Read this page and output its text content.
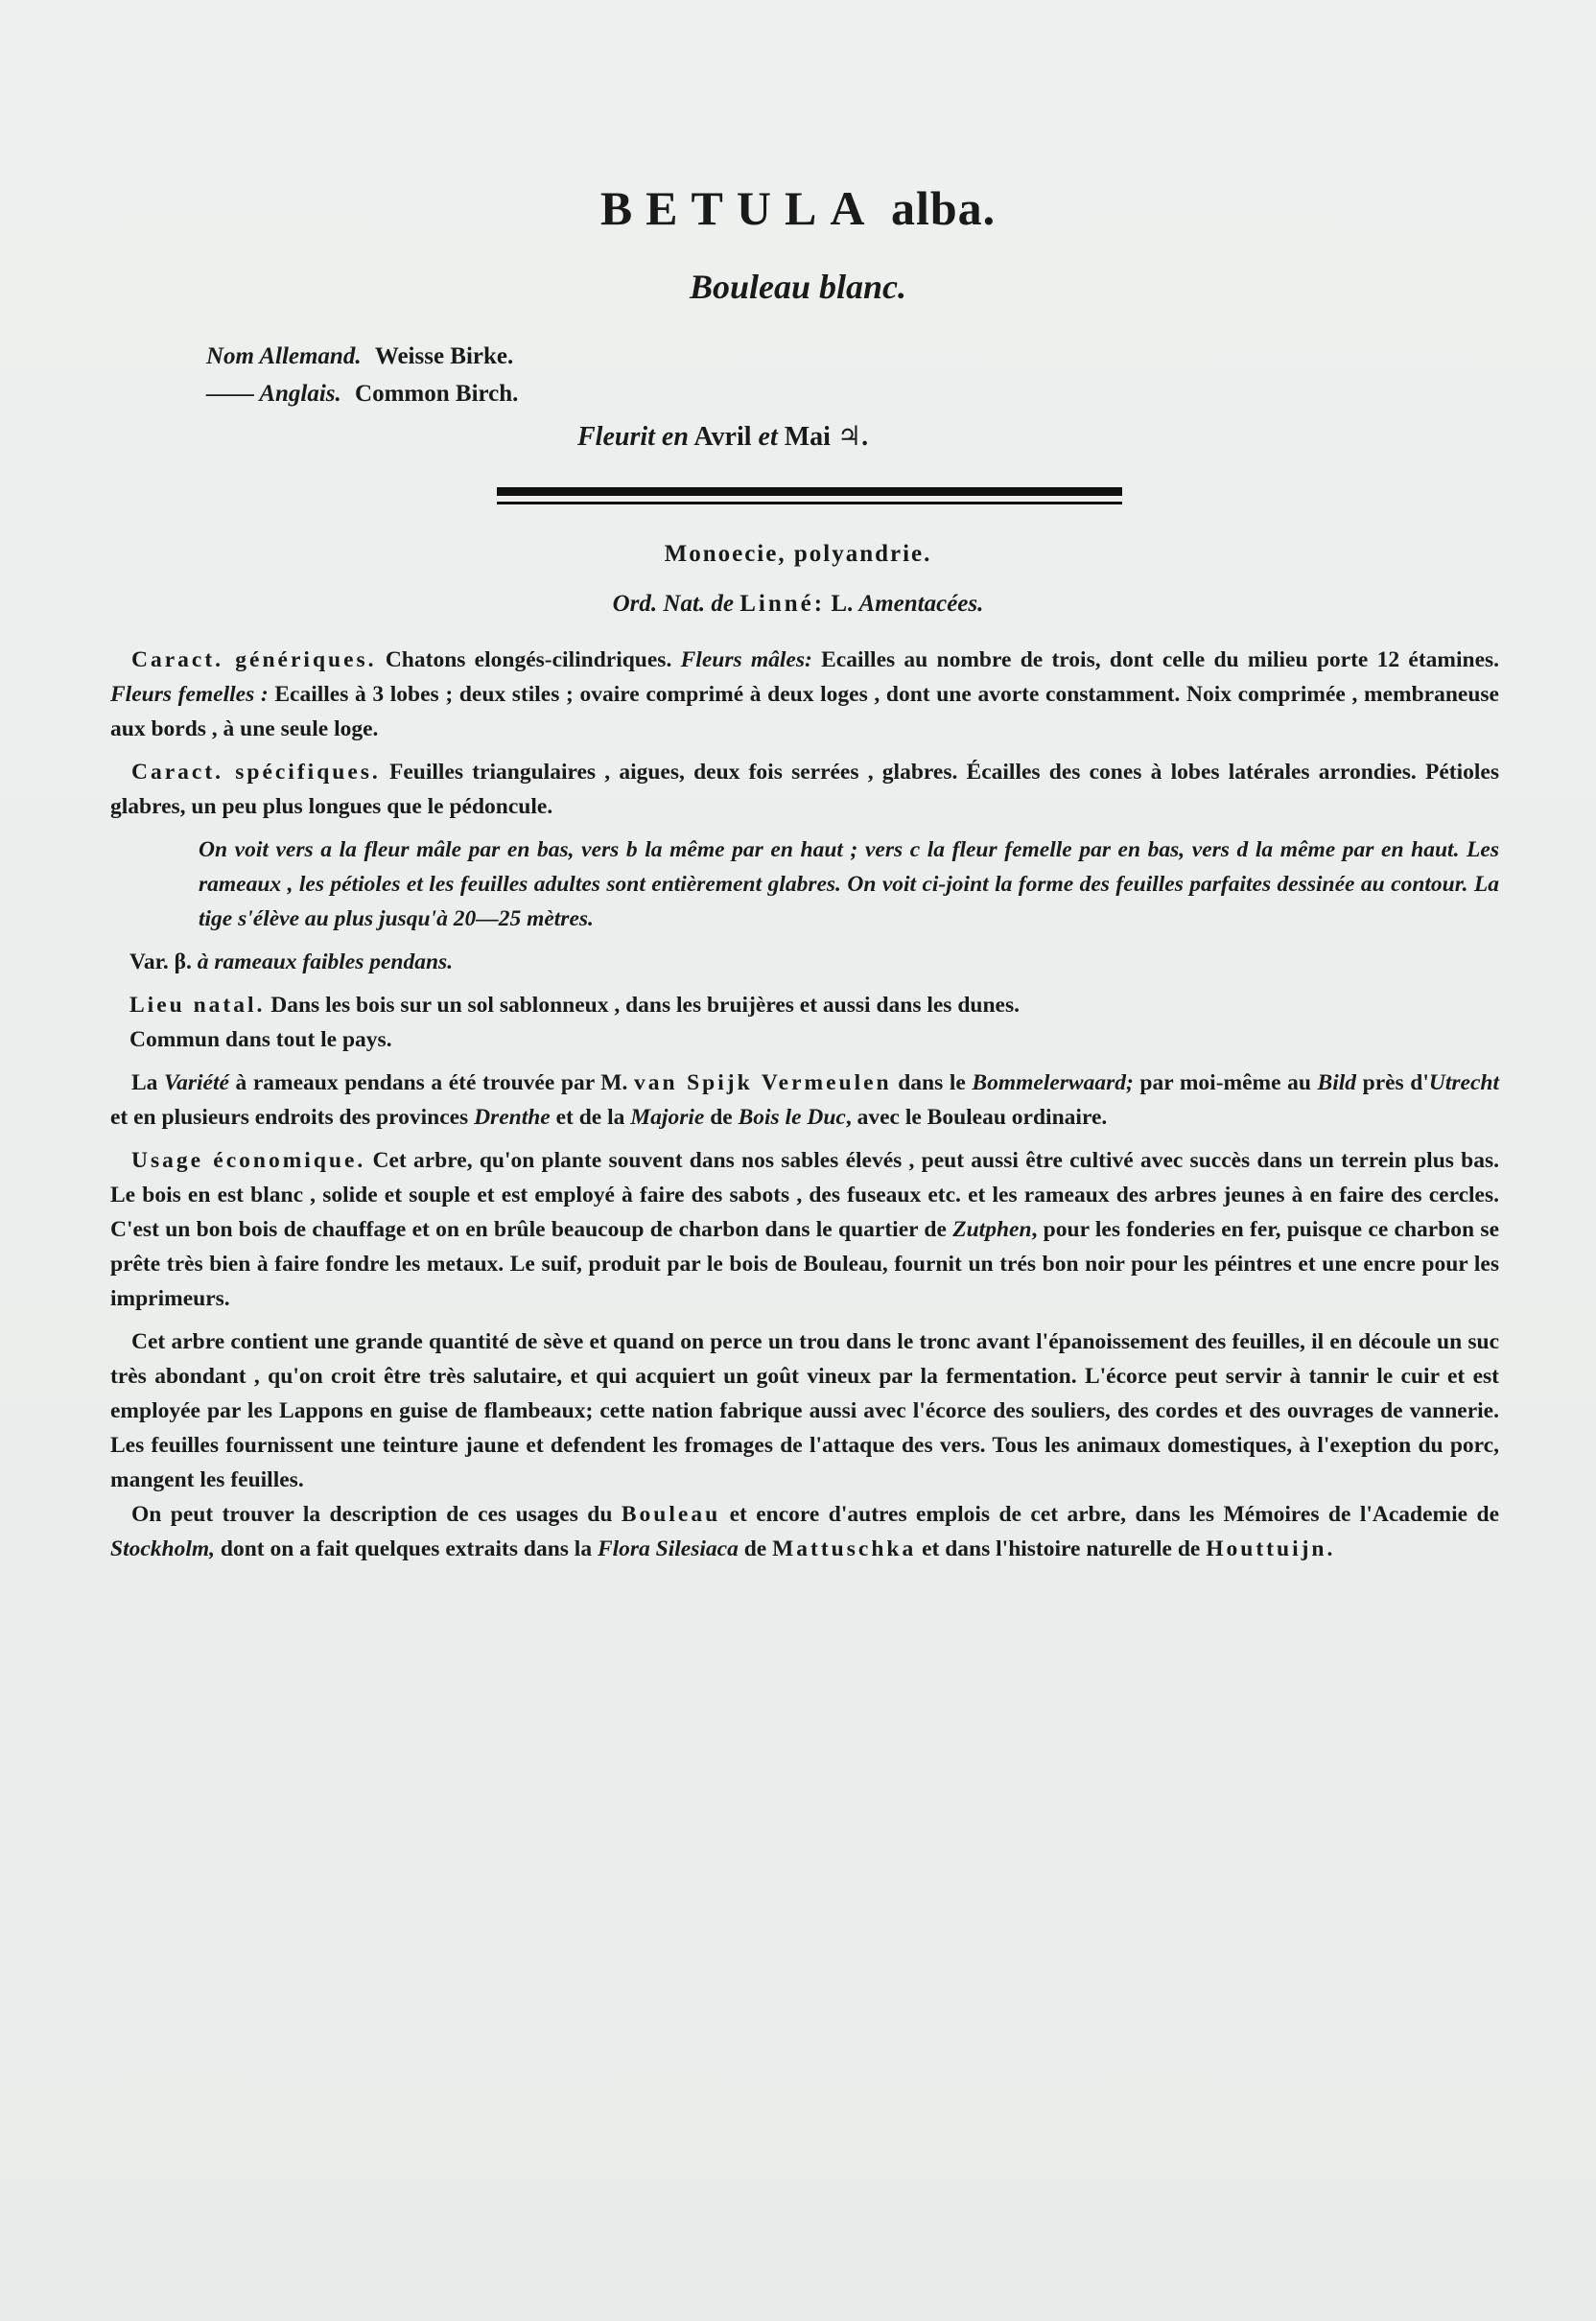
BETULA alba.
Bouleau blanc.
Nom Allemand. Weisse Birke.
—— Anglais. Common Birch.
Fleurit en Avril et Mai ♃.
Monoecie, polyandrie.
Ord. Nat. de Linné: L. Amentacées.

Caract. génériques. Chatons elongés-cilindriques. Fleurs mâles: Ecailles au nombre de trois, dont celle du milieu porte 12 étamines. Fleurs femelles : Ecailles à 3 lobes ; deux stiles ; ovaire comprimé à deux loges , dont une avorte constamment. Noix comprimée , membraneuse aux bords , à une seule loge.

Caract. spécifiques. Feuilles triangulaires , aigues, deux fois serrées , glabres. Écailles des cones à lobes latérales arrondies. Pétioles glabres, un peu plus longues que le pédoncule.

On voit vers a la fleur mâle par en bas, vers b la même par en haut ; vers c la fleur femelle par en bas, vers d la même par en haut. Les rameaux , les pétioles et les feuilles adultes sont entièrement glabres. On voit ci-joint la forme des feuilles parfaites dessinée au contour. La tige s'élève au plus jusqu'à 20—25 mètres.

Var. β. à rameaux faibles pendans.

Lieu natal. Dans les bois sur un sol sablonneux , dans les bruijères et aussi dans les dunes.

Commun dans tout le pays.

La Variété à rameaux pendans a été trouvée par M. van Spijk Vermeulen dans le Bommelerwaard; par moi-même au Bild près d'Utrecht et en plusieurs endroits des provinces Drenthe et de la Majorie de Bois le Duc, avec le Bouleau ordinaire.

Usage économique. Cet arbre, qu'on plante souvent dans nos sables élevés , peut aussi être cultivé avec succès dans un terrein plus bas. Le bois en est blanc , solide et souple et est employé à faire des sabots , des fuseaux etc. et les rameaux des arbres jeunes à en faire des cercles. C'est un bon bois de chauffage et on en brûle beaucoup de charbon dans le quartier de Zutphen, pour les fonderies en fer, puisque ce charbon se prête très bien à faire fondre les metaux. Le suif, produit par le bois de Bouleau, fournit un trés bon noir pour les péintres et une encre pour les imprimeurs.

Cet arbre contient une grande quantité de sève et quand on perce un trou dans le tronc avant l'épanoissement des feuilles, il en découle un suc très abondant , qu'on croit être très salutaire, et qui acquiert un goût vineux par la fermentation. L'écorce peut servir à tannir le cuir et est employée par les Lappons en guise de flambeaux; cette nation fabrique aussi avec l'écorce des souliers, des cordes et des ouvrages de vannerie. Les feuilles fournissent une teinture jaune et defendent les fromages de l'attaque des vers. Tous les animaux domestiques, à l'exeption du porc, mangent les feuilles.

On peut trouver la description de ces usages du Bouleau et encore d'autres emplois de cet arbre, dans les Mémoires de l'Academie de Stockholm, dont on a fait quelques extraits dans la Flora Silesiaca de Mattuschka et dans l'histoire naturelle de Houttuijn.
